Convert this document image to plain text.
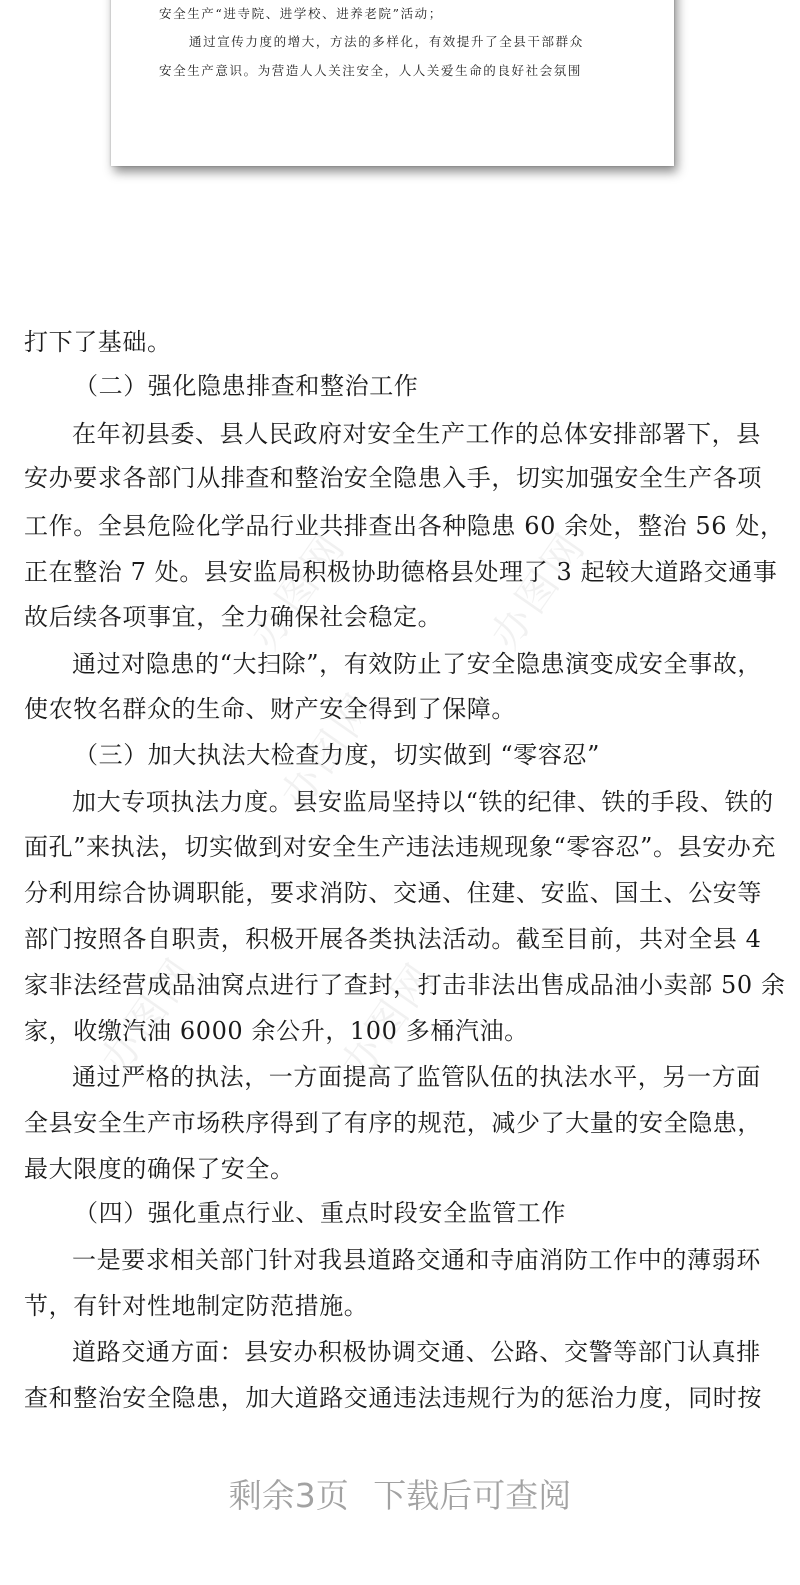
安全生产“进寺院、进学校、进养老院”活动；
通过宣传力度的增大，方法的多样化，有效提升了全县干部群众
安全生产意识。为营造人人关注安全，人人关爱生命的良好社会氛围
办图网
办图网
办图网	办图网
办图网
打下了基础。
（二）强化隐患排查和整治工作
在年初县委、县人民政府对安全生产工作的总体安排部署下，县
安办要求各部门从排查和整治安全隐患入手，切实加强安全生产各项
工作。全县危险化学品行业共排查出各种隐患 60 余处，整治 56 处，
正在整治 7 处。县安监局积极协助德格县处理了 3 起较大道路交通事
故后续各项事宜，全力确保社会稳定。
通过对隐患的“大扫除”，有效防止了安全隐患演变成安全事故，
使农牧名群众的生命、财产安全得到了保障。
（三）加大执法大检查力度，切实做到 “零容忍”
加大专项执法力度。县安监局坚持以“铁的纪律、铁的手段、铁的
面孔”来执法，切实做到对安全生产违法违规现象“零容忍”。县安办充
分利用综合协调职能，要求消防、交通、住建、安监、国土、公安等
部门按照各自职责，积极开展各类执法活动。截至目前，共对全县 4
家非法经营成品油窝点进行了查封，打击非法出售成品油小卖部 50 余
家，收缴汽油 6000 余公升，100 多桶汽油。
通过严格的执法，一方面提高了监管队伍的执法水平，另一方面
全县安全生产市场秩序得到了有序的规范，减少了大量的安全隐患，
最大限度的确保了安全。
（四）强化重点行业、重点时段安全监管工作
一是要求相关部门针对我县道路交通和寺庙消防工作中的薄弱环
节，有针对性地制定防范措施。
道路交通方面：县安办积极协调交通、公路、交警等部门认真排
查和整治安全隐患，加大道路交通违法违规行为的惩治力度，同时按
剩余3页 下载后可查阅
